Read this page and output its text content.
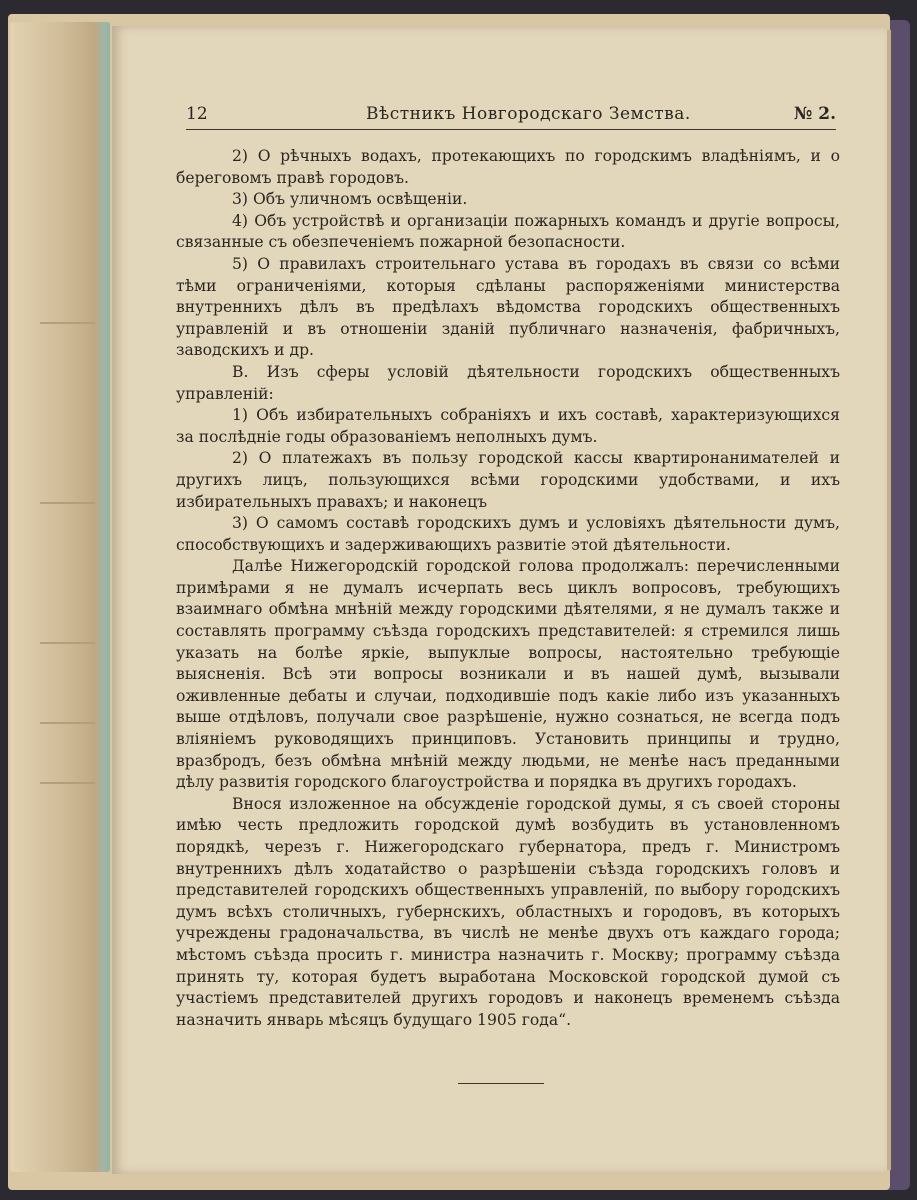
12	Вѣстникъ Новгородскаго Земства.	№ 2.

2) О рѣчныхъ водахъ, протекающихъ по городскимъ владѣніямъ, и о береговомъ правѣ городовъ.

3) Объ уличномъ освѣщеніи.

4) Объ устройствѣ и организаціи пожарныхъ командъ и другіе вопросы, связанные съ обезпеченіемъ пожарной безопасности.

5) О правилахъ строительнаго устава въ городахъ въ связи со всѣми тѣми ограниченіями, которыя сдѣланы распоряженіями министерства внутреннихъ дѣлъ въ предѣлахъ вѣдомства городскихъ общественныхъ управленій и въ отношеніи зданій публичнаго назначенія, фабричныхъ, заводскихъ и др.

В. Изъ сферы условій дѣятельности городскихъ общественныхъ управленій:

1) Объ избирательныхъ собраніяхъ и ихъ составѣ, характеризующихся за послѣдніе годы образованіемъ неполныхъ думъ.

2) О платежахъ въ пользу городской кассы квартиронанимателей и другихъ лицъ, пользующихся всѣми городскими удобствами, и ихъ избирательныхъ правахъ; и наконецъ

3) О самомъ составѣ городскихъ думъ и условіяхъ дѣятельности думъ, способствующихъ и задерживающихъ развитіе этой дѣятельности.

Далѣе Нижегородскій городской голова продолжалъ: перечисленными примѣрами я не думалъ исчерпать весь циклъ вопросовъ, требующихъ взаимнаго обмѣна мнѣній между городскими дѣятелями, я не думалъ также и составлять программу съѣзда городскихъ представителей: я стремился лишь указать на болѣе яркіе, выпуклые вопросы, настоятельно требующіе выясненія. Всѣ эти вопросы возникали и въ нашей думѣ, вызывали оживленные дебаты и случаи, подходившіе подъ какіе либо изъ указанныхъ выше отдѣловъ, получали свое разрѣшеніе, нужно сознаться, не всегда подъ вліяніемъ руководящихъ принциповъ. Установить принципы и трудно, вразбродъ, безъ обмѣна мнѣній между людьми, не менѣе насъ преданными дѣлу развитія городского благоустройства и порядка въ другихъ городахъ.

Внося изложенное на обсужденіе городской думы, я съ своей стороны имѣю честь предложить городской думѣ возбудить въ установленномъ порядкѣ, черезъ г. Нижегородскаго губернатора, предъ г. Министромъ внутреннихъ дѣлъ ходатайство о разрѣшеніи съѣзда городскихъ головъ и представителей городскихъ общественныхъ управленій, по выбору городскихъ думъ всѣхъ столичныхъ, губернскихъ, областныхъ и городовъ, въ которыхъ учреждены градоначальства, въ числѣ не менѣе двухъ отъ каждаго города; мѣстомъ съѣзда просить г. министра назначить г. Москву; программу съѣзда принять ту, которая будетъ выработана Московской городской думой съ участіемъ представителей другихъ городовъ и наконецъ временемъ съѣзда назначить январь мѣсяцъ будущаго 1905 года“.
